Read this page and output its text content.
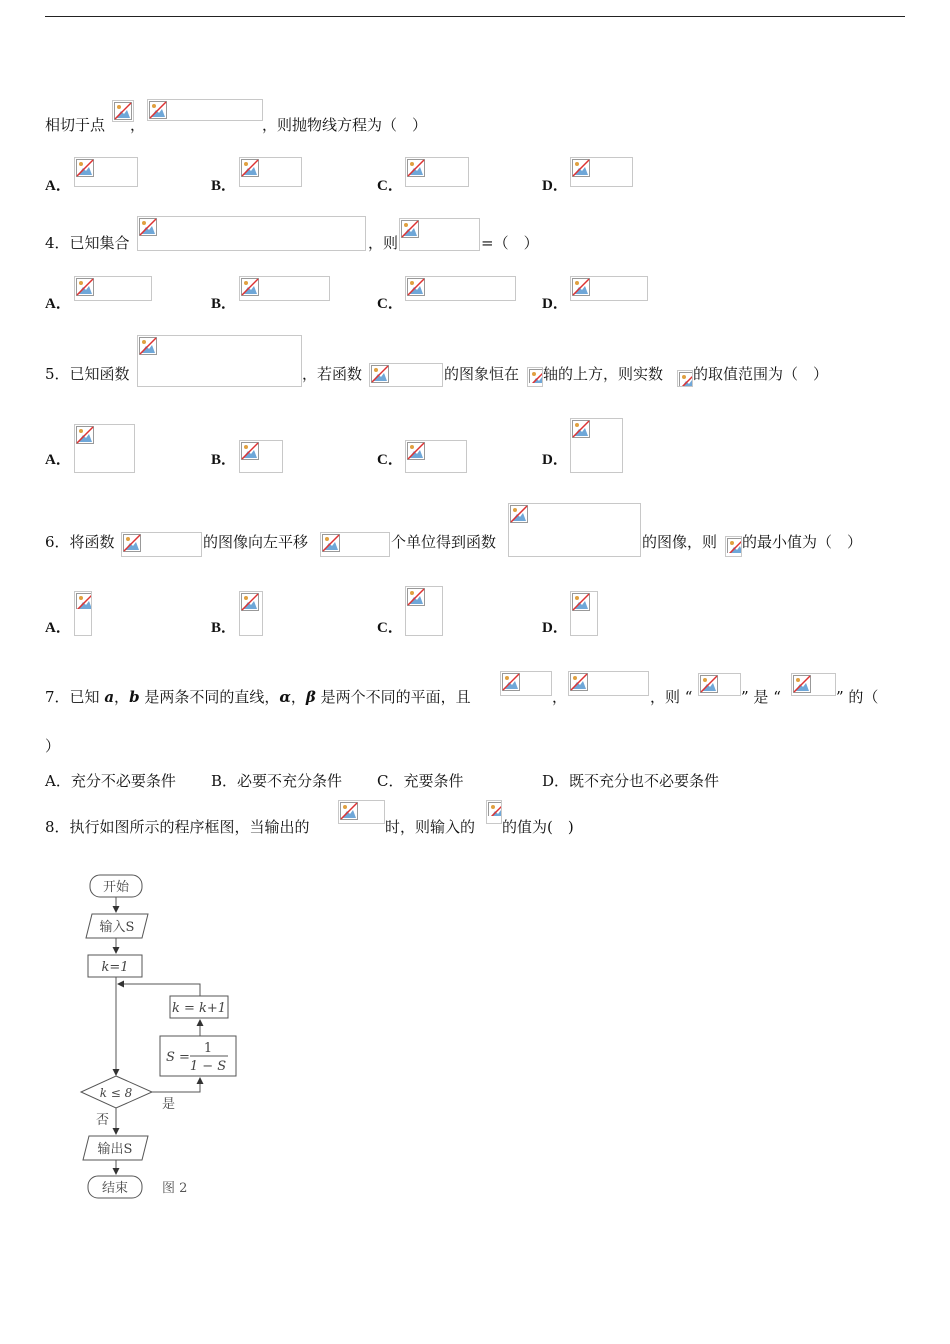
相切于点 ，	，则抛物线方程为（　）
A．	B．	C．	D．
4．已知集合	，则	=（　）
A．	B．	C．	D．
5．已知函数	，若函数	的图象恒在 轴的上方，则实数 的取值范围为（　）
A．	B．	C．	D．
6．将函数	的图像向左平移	个单位得到函数	的图像，则 的最小值为（　）
A．	B．	C．	D．
7．已知 a，b 是两条不同的直线，α，β 是两个不同的平面，且	，	，则 “	” 是 “	” 的（
）
A．充分不必要条件 B．必要不充分条件 C．充要条件	D．既不充分也不必要条件
8．执行如图所示的程序框图，当输出的	时，则输入的 的值为(　)
开始
输入S
k=1
k = k+1
S =
1
1 − S
k ≤ 8
是
否
输出S
结束	图 2
